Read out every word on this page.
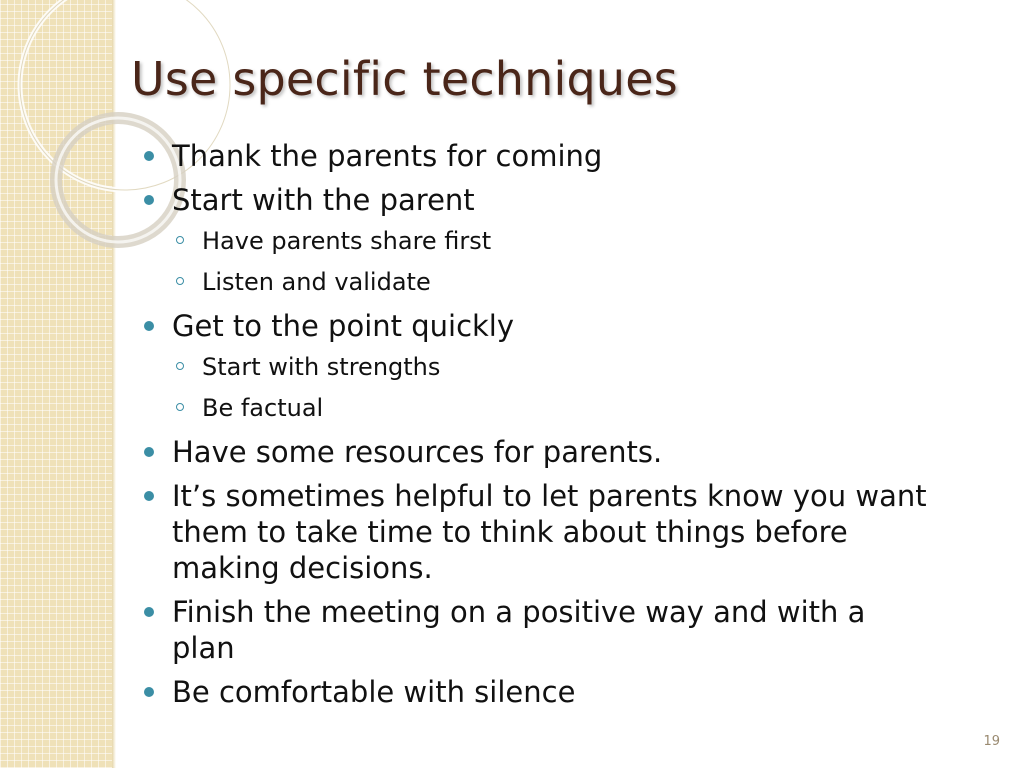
Use specific techniques
Thank the parents for coming
Start with the parent
Have parents share first
Listen and validate
Get to the point quickly
Start with strengths
Be factual
Have some resources for parents.
It’s sometimes helpful to let parents know you want them to take time to think about things before making decisions.
Finish the meeting on a positive way and with a plan
Be comfortable with silence
19
